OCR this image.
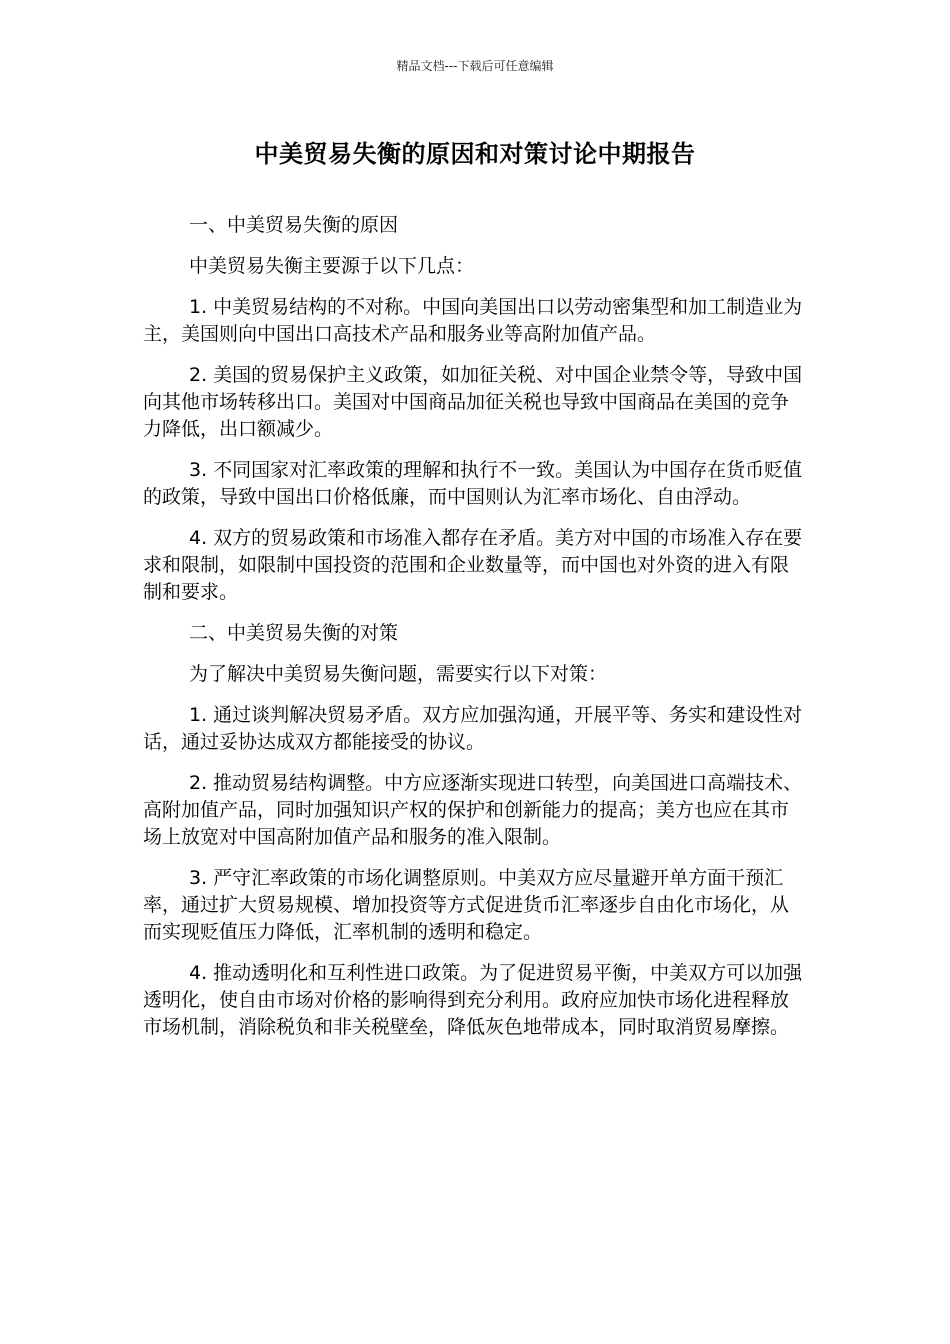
精品文档---下载后可任意编辑
中美贸易失衡的原因和对策讨论中期报告

一、中美贸易失衡的原因

中美贸易失衡主要源于以下几点：

1. 中美贸易结构的不对称。中国向美国出口以劳动密集型和加工制造业为主，美国则向中国出口高技术产品和服务业等高附加值产品。

2. 美国的贸易保护主义政策，如加征关税、对中国企业禁令等，导致中国向其他市场转移出口。美国对中国商品加征关税也导致中国商品在美国的竞争力降低，出口额减少。

3. 不同国家对汇率政策的理解和执行不一致。美国认为中国存在货币贬值的政策，导致中国出口价格低廉，而中国则认为汇率市场化、自由浮动。

4. 双方的贸易政策和市场准入都存在矛盾。美方对中国的市场准入存在要求和限制，如限制中国投资的范围和企业数量等，而中国也对外资的进入有限制和要求。

二、中美贸易失衡的对策

为了解决中美贸易失衡问题，需要实行以下对策：

1. 通过谈判解决贸易矛盾。双方应加强沟通，开展平等、务实和建设性对话，通过妥协达成双方都能接受的协议。

2. 推动贸易结构调整。中方应逐渐实现进口转型，向美国进口高端技术、高附加值产品，同时加强知识产权的保护和创新能力的提高；美方也应在其市场上放宽对中国高附加值产品和服务的准入限制。

3. 严守汇率政策的市场化调整原则。中美双方应尽量避开单方面干预汇率，通过扩大贸易规模、增加投资等方式促进货币汇率逐步自由化市场化，从而实现贬值压力降低，汇率机制的透明和稳定。

4. 推动透明化和互利性进口政策。为了促进贸易平衡，中美双方可以加强透明化，使自由市场对价格的影响得到充分利用。政府应加快市场化进程释放市场机制，消除税负和非关税壁垒，降低灰色地带成本，同时取消贸易摩擦。
